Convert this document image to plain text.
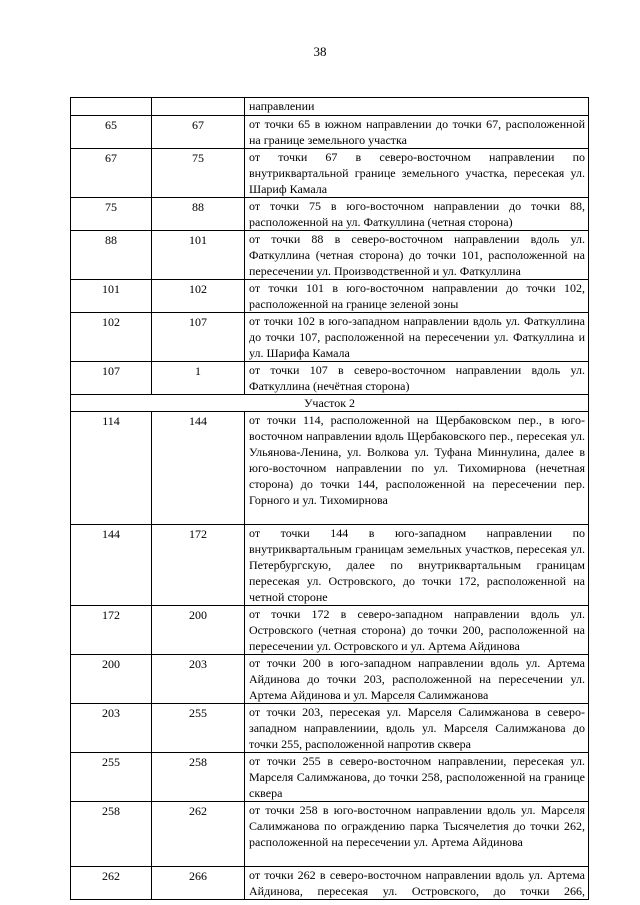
38

		направлении

65	67	от точки 65 в южном направлении до точки 67, расположенной на границе земельного участка

67	75	от точки 67 в северо-восточном направлении по внутриквартальной границе земельного участка, пересекая ул. Шариф Камала

75	88	от точки 75 в юго-восточном направлении до точки 88, расположенной на ул. Фаткуллина (четная сторона)

88	101	от точки 88 в северо-восточном направлении вдоль ул. Фаткуллина (четная сторона) до точки 101, расположенной на пересечении ул. Производственной и ул. Фаткуллина

101	102	от точки 101 в юго-восточном направлении до точки 102, расположенной на границе зеленой зоны

102	107	от точки 102 в юго-западном направлении вдоль ул. Фаткуллина до точки 107, расположенной на пересечении ул. Фаткуллина и ул. Шарифа Камала

107	1	от точки 107 в северо-восточном направлении вдоль ул. Фаткуллина (нечётная сторона)

Участок 2		

114	144	от точки 114, расположенной на Щербаковском пер., в юго-восточном направлении вдоль Щербаковского пер., пересекая ул. Ульянова-Ленина, ул. Волкова ул. Туфана Миннулина, далее в юго-восточном направлении по ул. Тихомирнова (нечетная сторона) до точки 144, расположенной на пересечении пер. Горного и ул. Тихомирнова

144	172	от точки 144 в юго-западном направлении по внутриквартальным границам земельных участков, пересекая ул. Петербургскую, далее по внутриквартальным границам пересекая ул. Островского, до точки 172, расположенной на четной стороне

172	200	от точки 172 в северо-западном направлении вдоль ул. Островского (четная сторона) до точки 200, расположенной на пересечении ул. Островского и ул. Артема Айдинова

200	203	от точки 200 в юго-западном направлении вдоль ул. Артема Айдинова до точки 203, расположенной на пересечении ул. Артема Айдинова и ул. Марселя Салимжанова

203	255	от точки 203, пересекая ул. Марселя Салимжанова в северо-западном направлениии, вдоль ул. Марселя Салимжанова до точки 255, расположенной напротив сквера

255	258	от точки 255 в северо-восточном направлении, пересекая ул. Марселя Салимжанова, до точки 258, расположенной на границе сквера

258	262	от точки 258 в юго-восточном направлении вдоль ул. Марселя Салимжанова по ограждению парка Тысячелетия до точки 262, расположенной на пересечении ул. Артема Айдинова

262	266	от точки 262 в северо-восточном направлении вдоль ул. Артема Айдинова, пересекая ул. Островского, до точки 266,
